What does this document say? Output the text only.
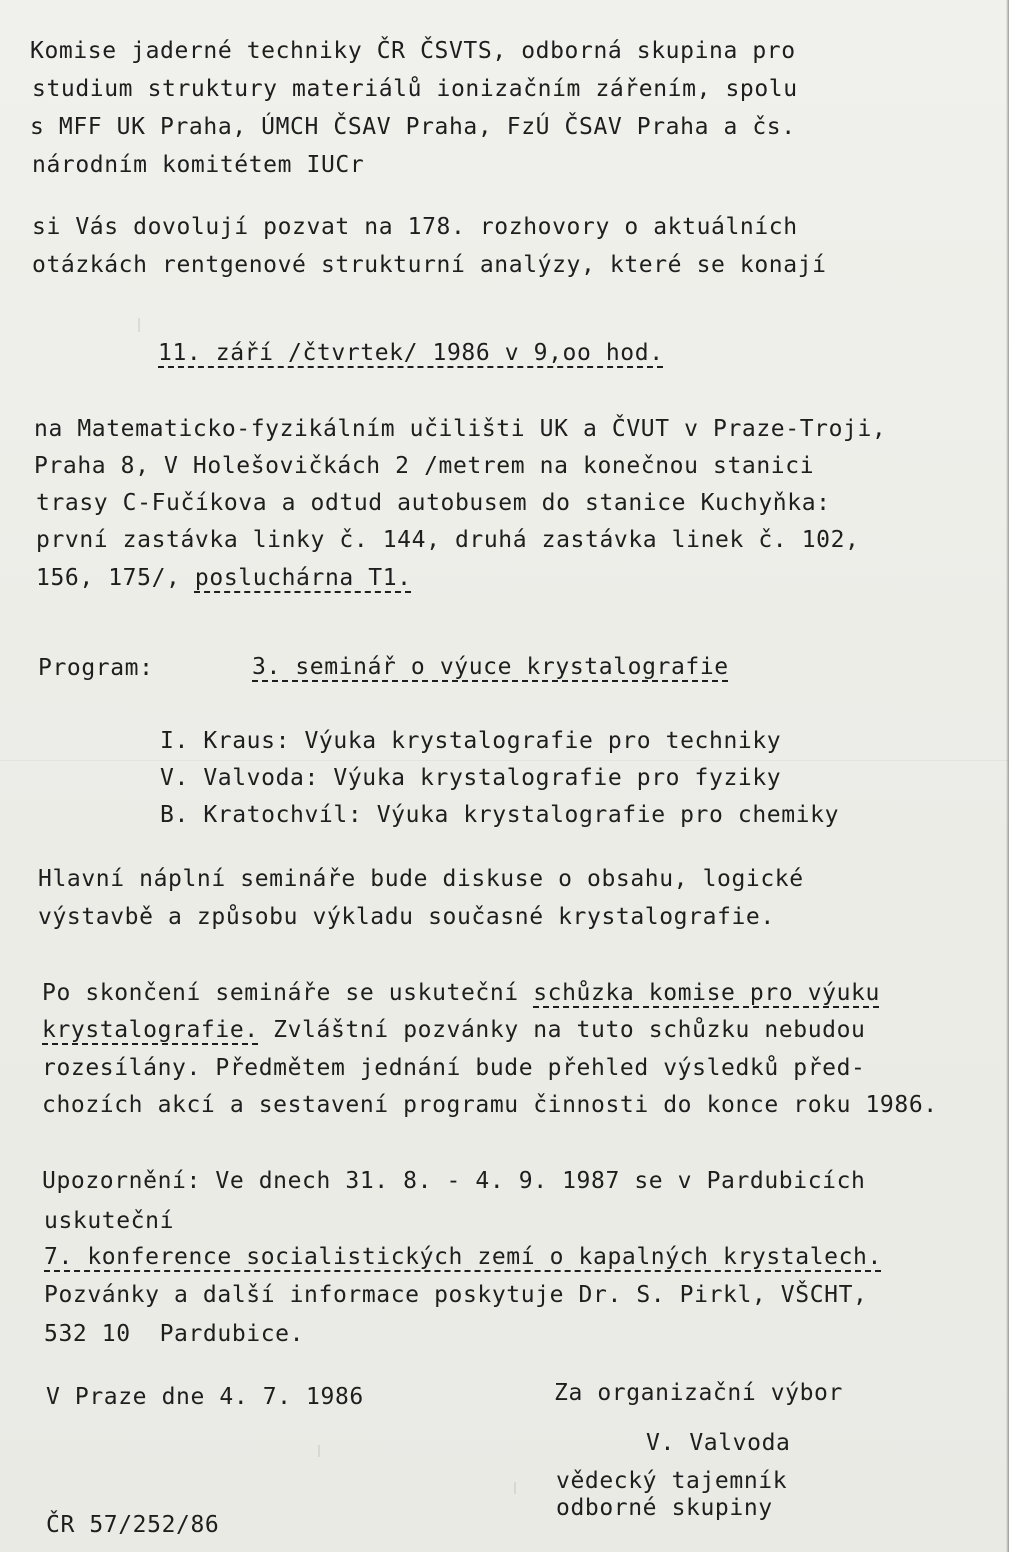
Komise jaderné techniky ČR ČSVTS, odborná skupina pro
studium struktury materiálů ionizačním zářením, spolu
s MFF UK Praha, ÚMCH ČSAV Praha, FzÚ ČSAV Praha a čs.
národním komitétem IUCr
si Vás dovolují pozvat na 178. rozhovory o aktuálních
otázkách rentgenové strukturní analýzy, které se konají
11. září /čtvrtek/ 1986 v 9,oo hod.
na Matematicko-fyzikálním učilišti UK a ČVUT v Praze-Troji,
Praha 8, V Holešovičkách 2 /metrem na konečnou stanici
trasy C-Fučíkova a odtud autobusem do stanice Kuchyňka:
první zastávka linky č. 144, druhá zastávka linek č. 102,
156, 175/, posluchárna T1.
Program:	3. seminář o výuce krystalografie
I. Kraus: Výuka krystalografie pro techniky
V. Valvoda: Výuka krystalografie pro fyziky
B. Kratochvíl: Výuka krystalografie pro chemiky
Hlavní náplní semináře bude diskuse o obsahu, logické
výstavbě a způsobu výkladu současné krystalografie.
Po skončení semináře se uskuteční schůzka komise pro výuku
krystalografie. Zvláštní pozvánky na tuto schůzku nebudou
rozesílány. Předmětem jednání bude přehled výsledků před-
chozích akcí a sestavení programu činnosti do konce roku 1986.
Upozornění: Ve dnech 31. 8. - 4. 9. 1987 se v Pardubicích
uskuteční
7. konference socialistických zemí o kapalných krystalech.
Pozvánky a další informace poskytuje Dr. S. Pirkl, VŠCHT,
532 10  Pardubice.
V Praze dne 4. 7. 1986	Za organizační výbor
V. Valvoda
vědecký tajemník
odborné skupiny
ČR 57/252/86
